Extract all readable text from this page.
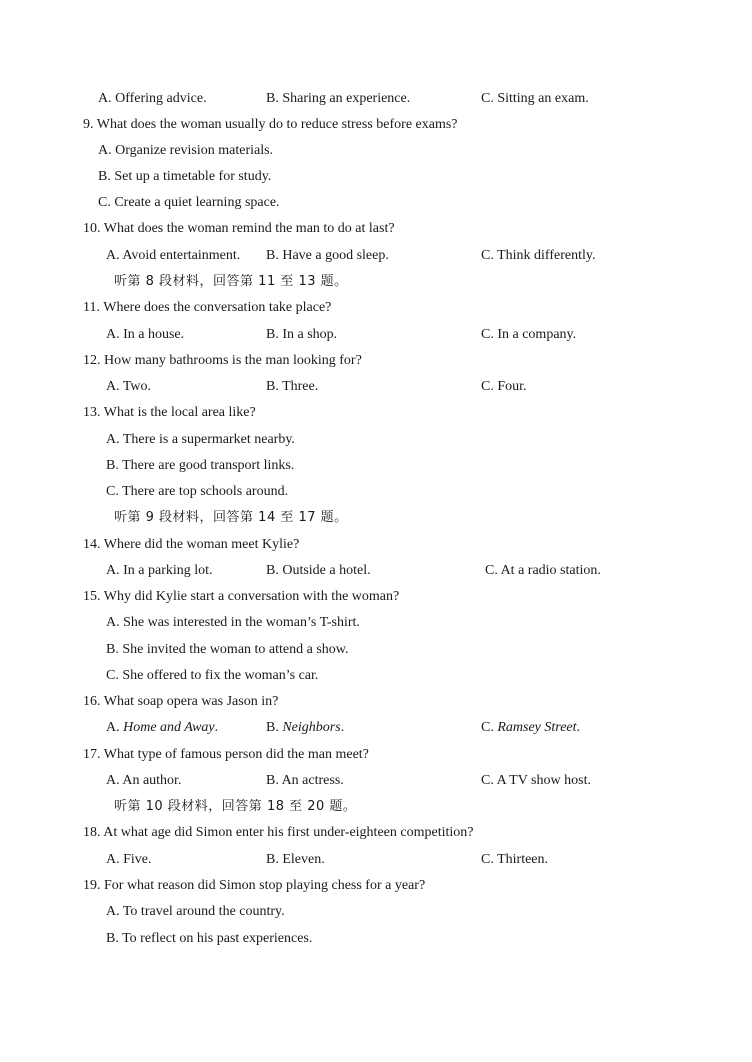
A. Offering advice.	B. Sharing an experience.	C. Sitting an exam.
9. What does the woman usually do to reduce stress before exams?
A. Organize revision materials.
B. Set up a timetable for study.
C. Create a quiet learning space.
10. What does the woman remind the man to do at last?
A. Avoid entertainment. B. Have a good sleep.	C. Think differently.
听第 8 段材料，回答第 11 至 13 题。
11. Where does the conversation take place?
A. In a house.	B. In a shop.	C. In a company.
12. How many bathrooms is the man looking for?
A. Two.	B. Three.	C. Four.
13. What is the local area like?
A. There is a supermarket nearby.
B. There are good transport links.
C. There are top schools around.
听第 9 段材料，回答第 14 至 17 题。
14. Where did the woman meet Kylie?
A. In a parking lot.	B. Outside a hotel.	C. At a radio station.
15. Why did Kylie start a conversation with the woman?
A. She was interested in the woman’s T-shirt.
B. She invited the woman to attend a show.
C. She offered to fix the woman’s car.
16. What soap opera was Jason in?
A. Home and Away.	B. Neighbors.	C. Ramsey Street.
17. What type of famous person did the man meet?
A. An author.	B. An actress.	C. A TV show host.
听第 10 段材料，回答第 18 至 20 题。
18. At what age did Simon enter his first under-eighteen competition?
A. Five.	B. Eleven.	C. Thirteen.
19. For what reason did Simon stop playing chess for a year?
A. To travel around the country.
B. To reflect on his past experiences.
